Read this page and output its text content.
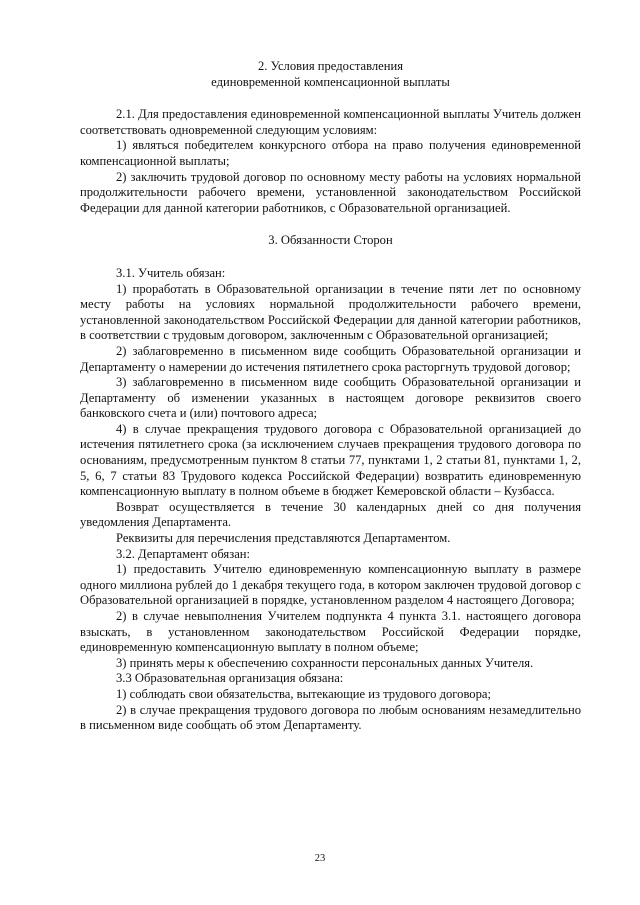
2. Условия предоставления
единовременной компенсационной выплаты

2.1. Для предоставления единовременной компенсационной выплаты Учитель должен соответствовать одновременной следующим условиям:

1) являться победителем конкурсного отбора на право получения единовременной компенсационной выплаты;

2) заключить трудовой договор по основному месту работы на условиях нормальной продолжительности рабочего времени, установленной законодательством Российской Федерации для данной категории работников, с Образовательной организацией.

3. Обязанности Сторон

3.1. Учитель обязан:

1) проработать в Образовательной организации в течение пяти лет по основному месту работы на условиях нормальной продолжительности рабочего времени, установленной законодательством Российской Федерации для данной категории работников, в соответствии с трудовым договором, заключенным с Образовательной организацией;

2) заблаговременно в письменном виде сообщить Образовательной организации и Департаменту о намерении до истечения пятилетнего срока расторгнуть трудовой договор;

3) заблаговременно в письменном виде сообщить Образовательной организации и Департаменту об изменении указанных в настоящем договоре реквизитов своего банковского счета и (или) почтового адреса;

4) в случае прекращения трудового договора с Образовательной организацией до истечения пятилетнего срока (за исключением случаев прекращения трудового договора по основаниям, предусмотренным пунктом 8 статьи 77, пунктами 1, 2 статьи 81, пунктами 1, 2, 5, 6, 7 статьи 83 Трудового кодекса Российской Федерации) возвратить единовременную компенсационную выплату в полном объеме в бюджет Кемеровской области – Кузбасса.

Возврат осуществляется в течение 30 календарных дней со дня получения уведомления Департамента.

Реквизиты для перечисления представляются Департаментом.

3.2. Департамент обязан:

1) предоставить Учителю единовременную компенсационную выплату в размере одного миллиона рублей до 1 декабря текущего года, в котором заключен трудовой договор с Образовательной организацией в порядке, установленном разделом 4 настоящего Договора;

2) в случае невыполнения Учителем подпункта 4 пункта 3.1. настоящего договора взыскать, в установленном законодательством Российской Федерации порядке, единовременную компенсационную выплату в полном объеме;

3) принять меры к обеспечению сохранности персональных данных Учителя.

3.3 Образовательная организация обязана:

1) соблюдать свои обязательства, вытекающие из трудового договора;

2) в случае прекращения трудового договора по любым основаниям незамедлительно в письменном виде сообщать об этом Департаменту.

23
